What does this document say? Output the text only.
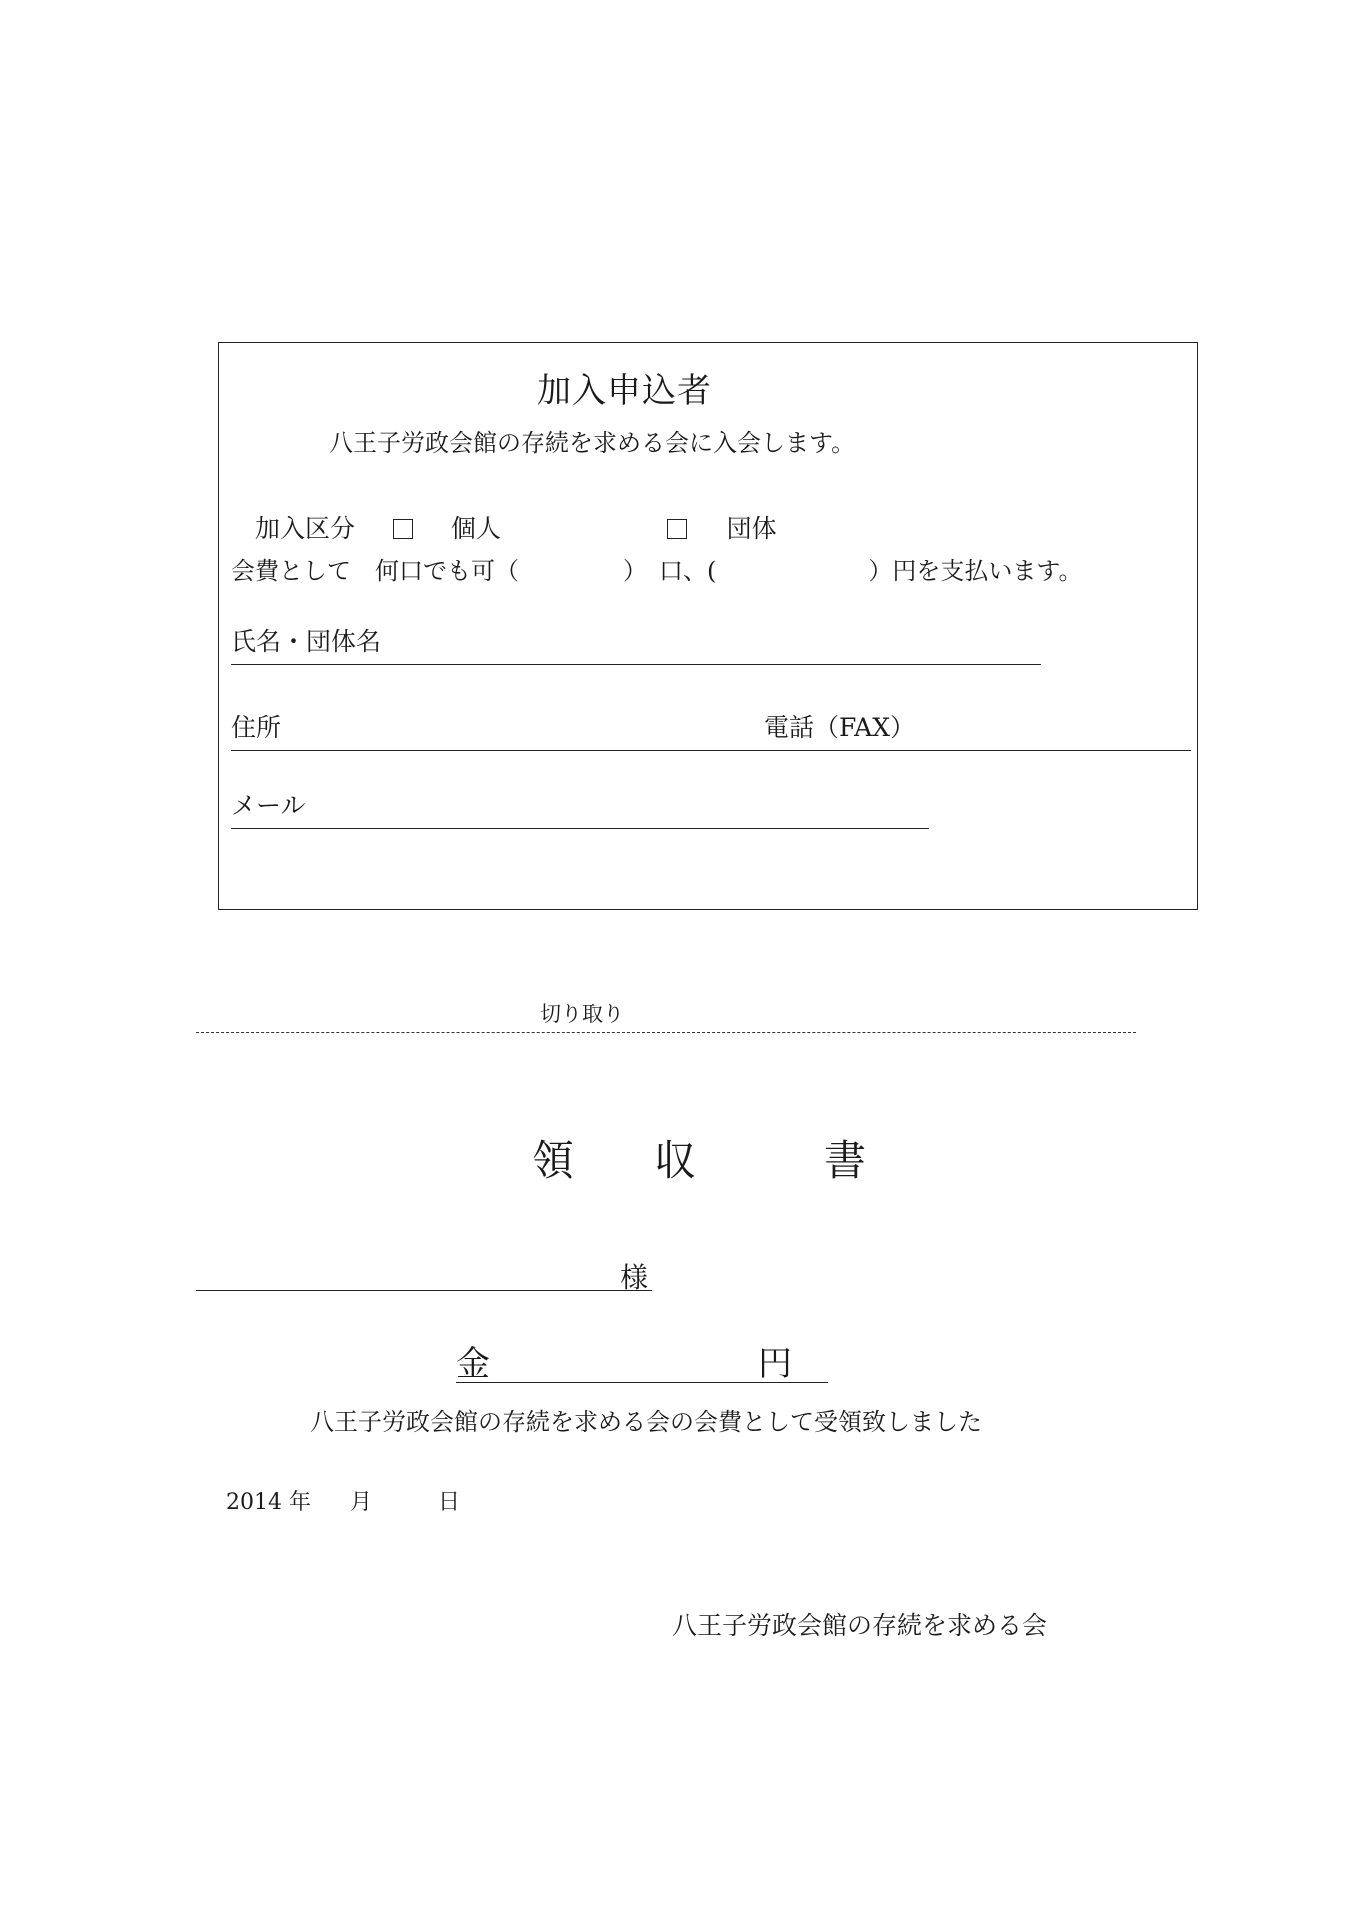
加入申込者
八王子労政会館の存続を求める会に入会します。
加入区分	個人	団体
会費として　何口でも可（	）　口、(	）円を支払います。
氏名・団体名
住所	電話（FAX）
メール
切り取り
領 収	書
様
金	円
八王子労政会館の存続を求める会の会費として受領致しました
2014 年 月	日
八王子労政会館の存続を求める会
